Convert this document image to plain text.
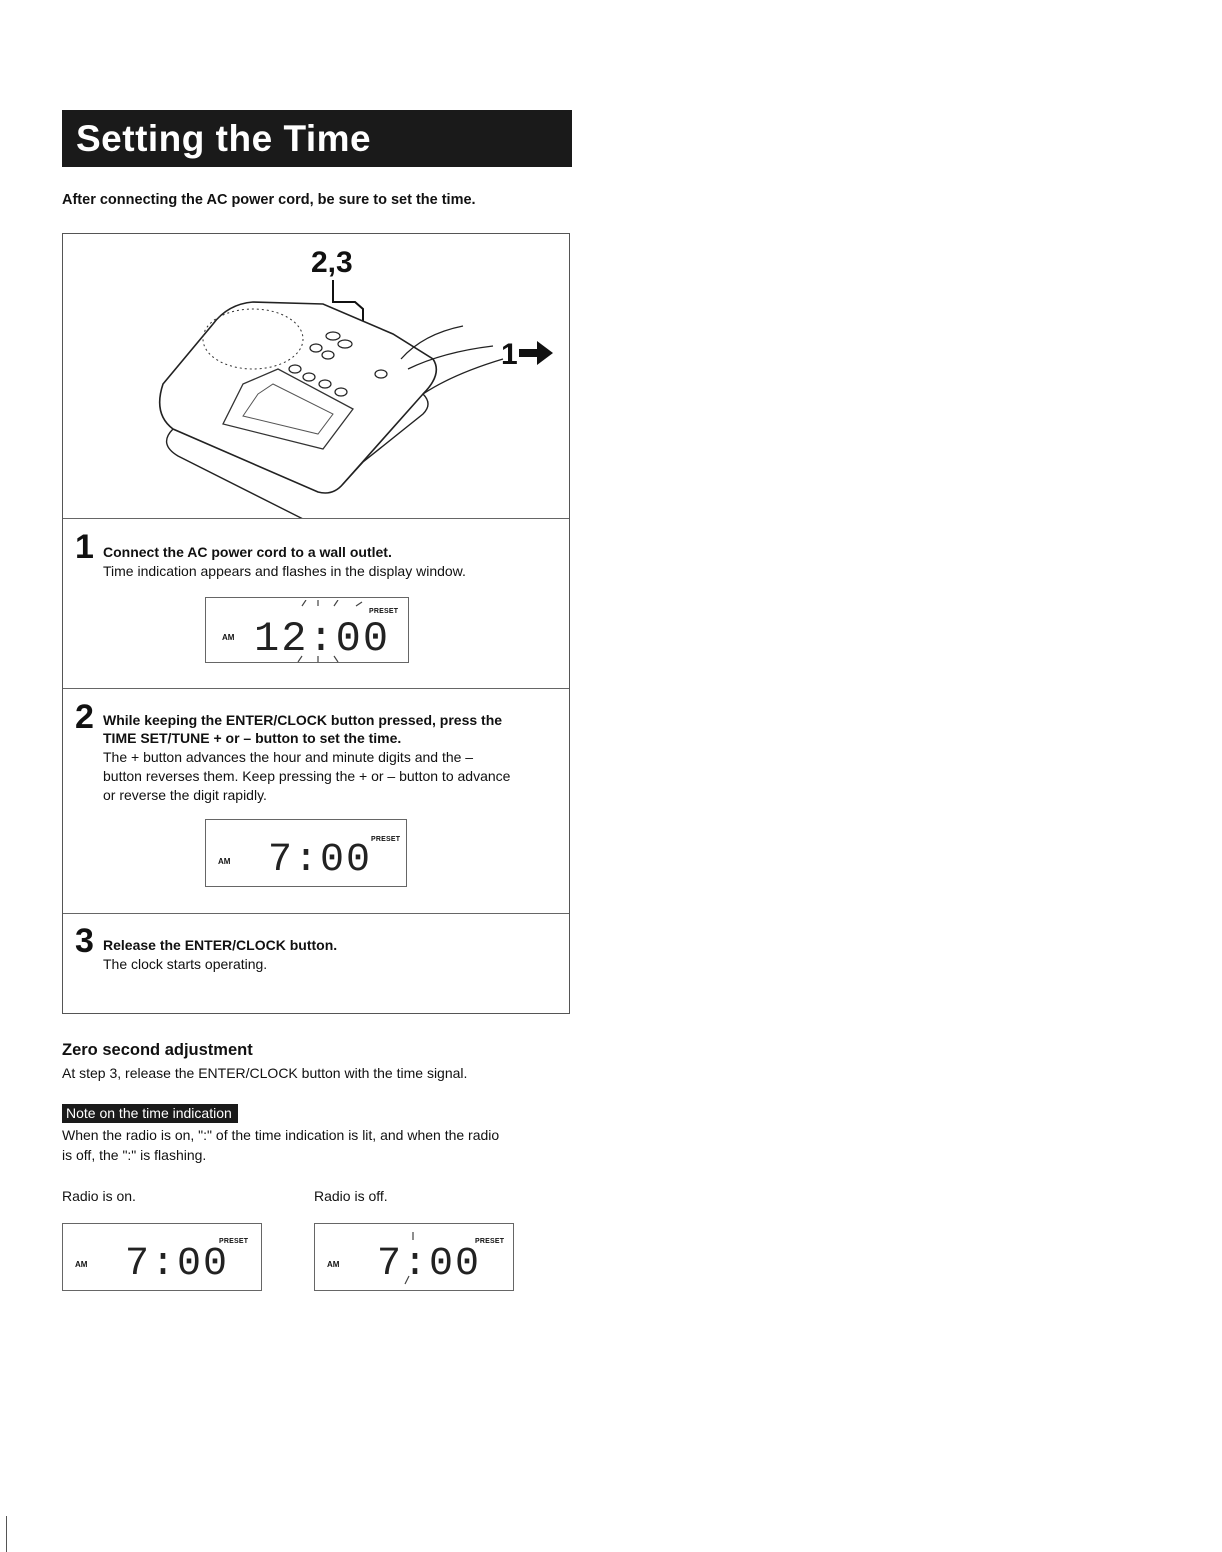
Setting the Time
After connecting the AC power cord, be sure to set the time.
2,3
1
1 Connect the AC power cord to a wall outlet.
Time indication appears and flashes in the display window.
AM 12:00
PRESET
2 While keeping the ENTER/CLOCK button pressed, press the
TIME SET/TUNE + or – button to set the time.
The + button advances the hour and minute digits and the –
button reverses them. Keep pressing the + or – button to advance
or reverse the digit rapidly.
AM 7:00
PRESET
3 Release the ENTER/CLOCK button.
The clock starts operating.
Zero second adjustment
At step 3, release the ENTER/CLOCK button with the time signal.
Note on the time indication
When the radio is on, ":" of the time indication is lit, and when the radio
is off, the ":" is flashing.
Radio is on.	Radio is off.
AM 7:00
PRESET
AM 7:00
PRESET
